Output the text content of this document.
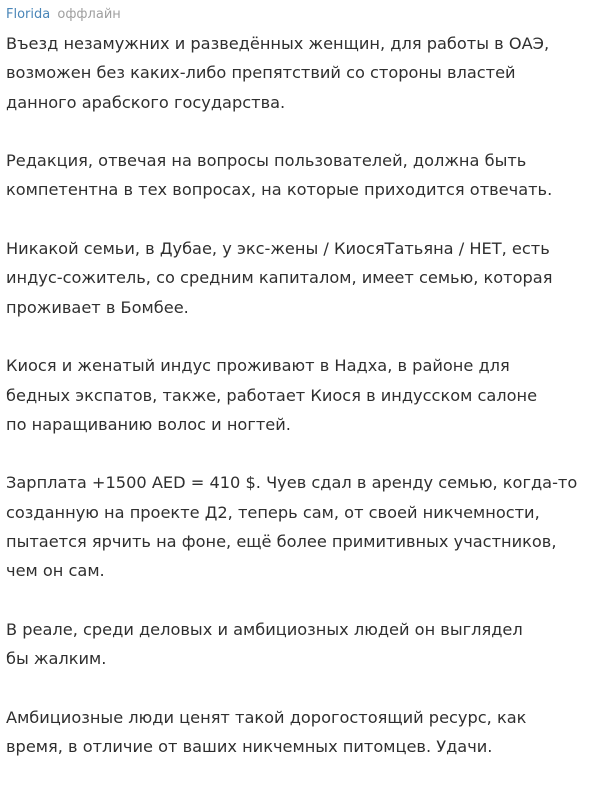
Florida оффлайн

Въезд незамужних и разведённых женщин, для работы в ОАЭ,
возможен без каких-либо препятствий со стороны властей
данного арабского государства.

Редакция, отвечая на вопросы пользователей, должна быть
компетентна в тех вопросах, на которые приходится отвечать.

Никакой семьи, в Дубае, у экс-жены / КиосяТатьяна / НЕТ, есть
индус-сожитель, со средним капиталом, имеет семью, которая
проживает в Бомбее.

Киося и женатый индус проживают в Надха, в районе для
бедных экспатов, также, работает Киося в индусском салоне
по наращиванию волос и ногтей.

Зарплата +1500 AED = 410 $. Чуев сдал в аренду семью, когда-то
созданную на проекте Д2, теперь сам, от своей никчемности,
пытается ярчить на фоне, ещё более примитивных участников,
чем он сам.

В реале, среди деловых и амбициозных людей он выглядел
бы жалким.

Амбициозные люди ценят такой дорогостоящий ресурс, как
время, в отличие от ваших никчемных питомцев. Удачи.
